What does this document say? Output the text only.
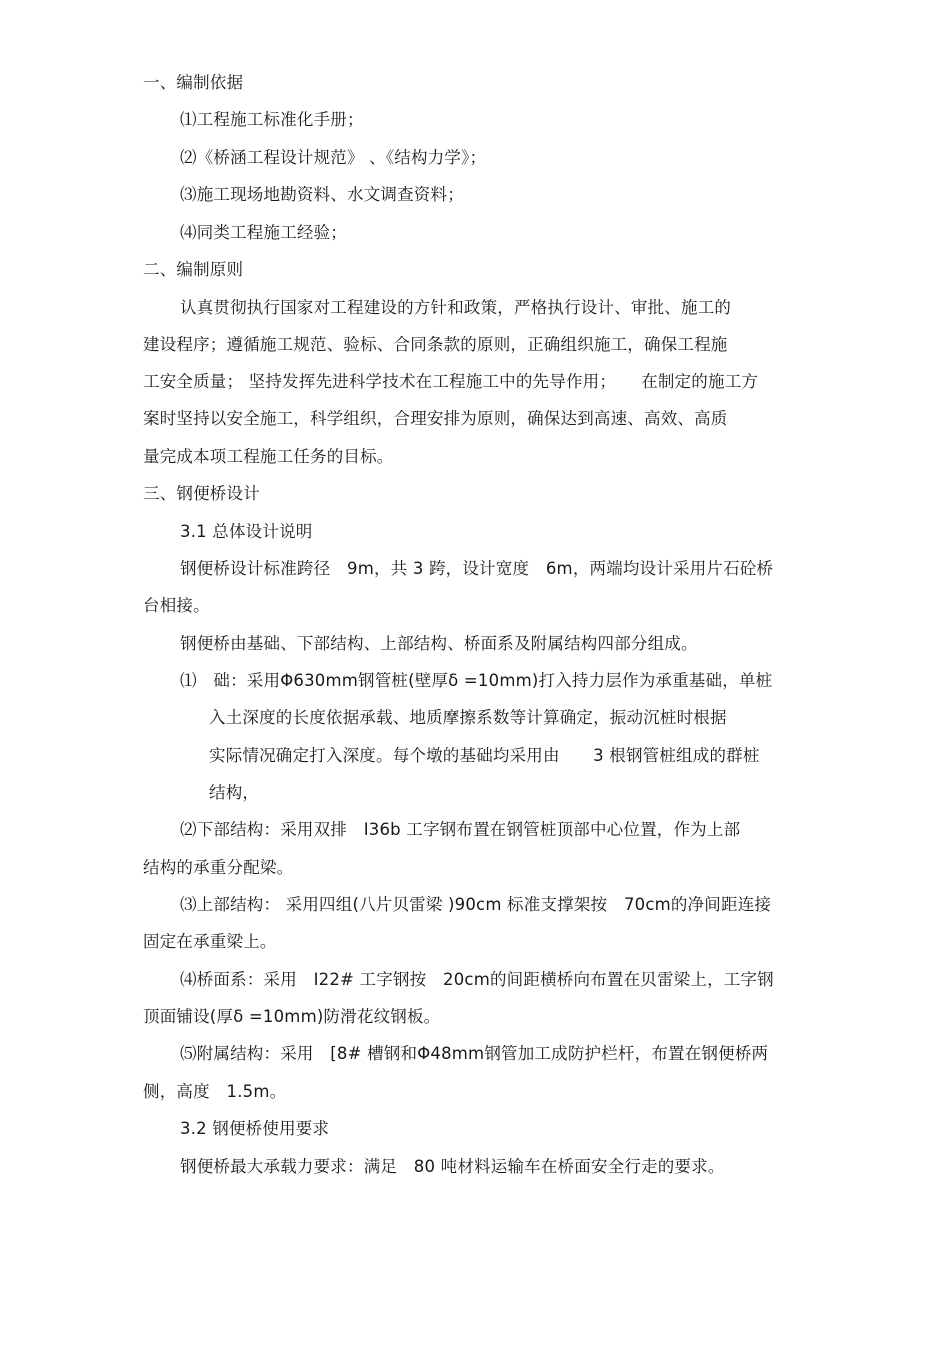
一、编制依据
⑴工程施工标准化手册；
⑵《桥涵工程设计规范》 、《结构力学》；
⑶施工现场地勘资料、水文调查资料；
⑷同类工程施工经验；
二、编制原则
认真贯彻执行国家对工程建设的方针和政策，严格执行设计、审批、施工的
建设程序；遵循施工规范、验标、合同条款的原则，正确组织施工，确保工程施
工安全质量； 坚持发挥先进科学技术在工程施工中的先导作用；　　在制定的施工方
案时坚持以安全施工，科学组织，合理安排为原则，确保达到高速、高效、高质
量完成本项工程施工任务的目标。
三、钢便桥设计
3.1 总体设计说明
钢便桥设计标准跨径　9m，共 3 跨，设计宽度　6m，两端均设计采用片石砼桥
台相接。
钢便桥由基础、下部结构、上部结构、桥面系及附属结构四部分组成。
⑴　础：采用Φ630mm钢管桩(壁厚δ =10mm)打入持力层作为承重基础，单桩
入土深度的长度依据承载、地质摩擦系数等计算确定，振动沉桩时根据
实际情况确定打入深度。每个墩的基础均采用由　　3 根钢管桩组成的群桩
结构，
⑵下部结构：采用双排　I36b 工字钢布置在钢管桩顶部中心位置，作为上部
结构的承重分配梁。
⑶上部结构： 采用四组(八片贝雷梁 )90cm 标准支撑架按　70cm的净间距连接
固定在承重梁上。
⑷桥面系：采用　I22# 工字钢按　20cm的间距横桥向布置在贝雷梁上，工字钢
顶面铺设(厚δ =10mm)防滑花纹钢板。
⑸附属结构：采用　[8# 槽钢和Φ48mm钢管加工成防护栏杆，布置在钢便桥两
侧，高度　1.5m。
3.2 钢便桥使用要求
钢便桥最大承载力要求：满足　80 吨材料运输车在桥面安全行走的要求。
